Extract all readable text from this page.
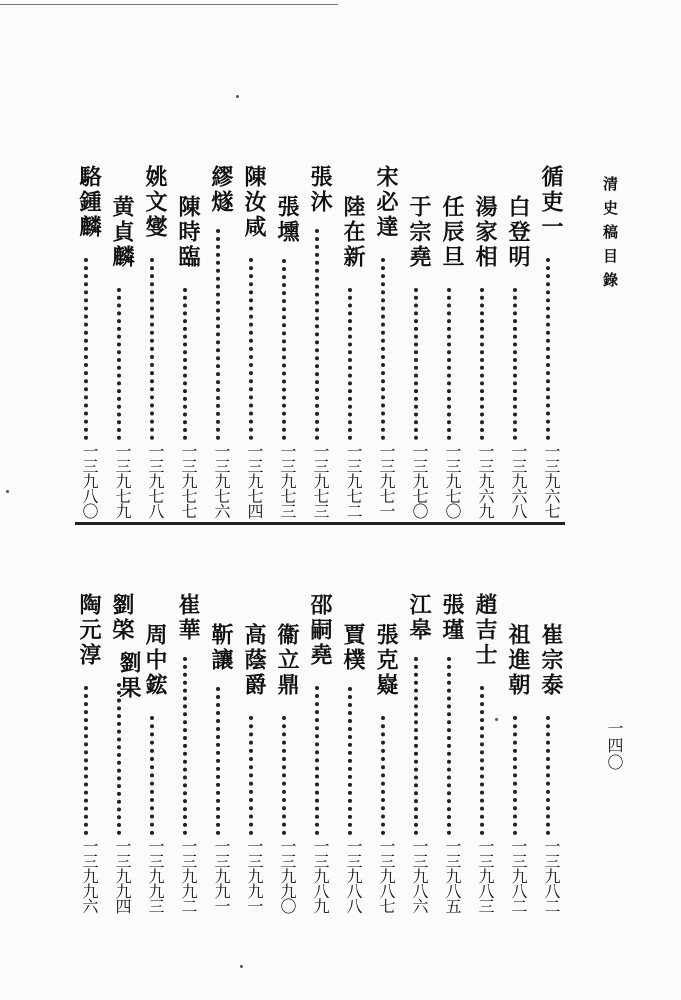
清史稿目錄
循吏一
一三九六七
白登明
一三九六八
湯家相
一三九六九
任辰旦
一三九七〇
于宗堯
一三九七〇
宋必達
一三九七一
陸在新
一三九七二
張沐
一三九七三
張壎
一三九七三
陳汝咸
一三九七四
繆燧
一三九七六
陳時臨
一三九七七
姚文燮
一三九七八
黄貞麟
一三九七九
駱鍾麟
一三九八〇
崔宗泰
一三九八二
祖進朝
一三九八二
趙吉士
一三九八三
張瑾
一三九八五
江皋
一三九八六
張克嶷
一三九八七
賈樸
一三九八八
邵嗣堯
一三九八九
衞立鼎
一三九九〇
高蔭爵
一三九九一
靳讓
一三九九一
崔華
一三九九二
周中鋐
一三九九三
劉棨
劉果
一三九九四
陶元淳
一三九九六
一四〇
